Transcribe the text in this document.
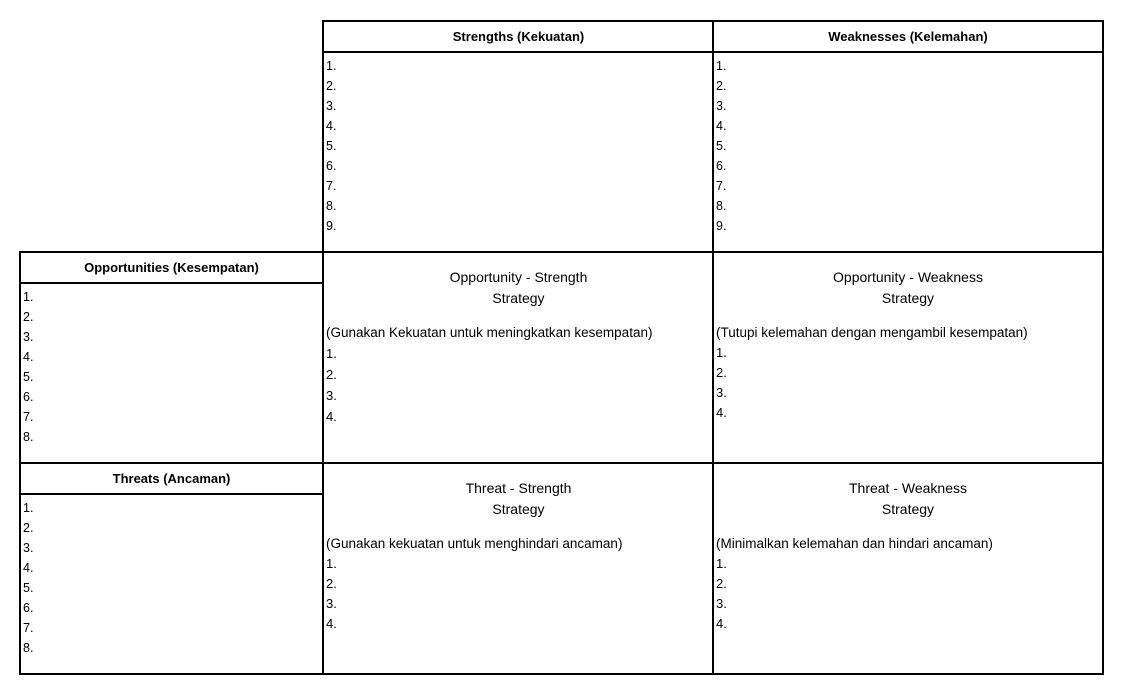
Strengths (Kekuatan)
1.
2.
3.
4.
5.
6.
7.
8.
9.
Weaknesses (Kelemahan)
1.
2.
3.
4.
5.
6.
7.
8.
9.
Opportunities (Kesempatan)
1.
2.
3.
4.
5.
6.
7.
8.
Opportunity - Strength
Strategy
(Gunakan Kekuatan untuk meningkatkan kesempatan)
1.
2.
3.
4.
Opportunity - Weakness
Strategy
(Tutupi kelemahan dengan mengambil kesempatan)
1.
2.
3.
4.
Threats (Ancaman)
1.
2.
3.
4.
5.
6.
7.
8.
Threat - Strength
Strategy
(Gunakan kekuatan untuk menghindari ancaman)
1.
2.
3.
4.
Threat - Weakness
Strategy
(Minimalkan kelemahan dan hindari ancaman)
1.
2.
3.
4.
